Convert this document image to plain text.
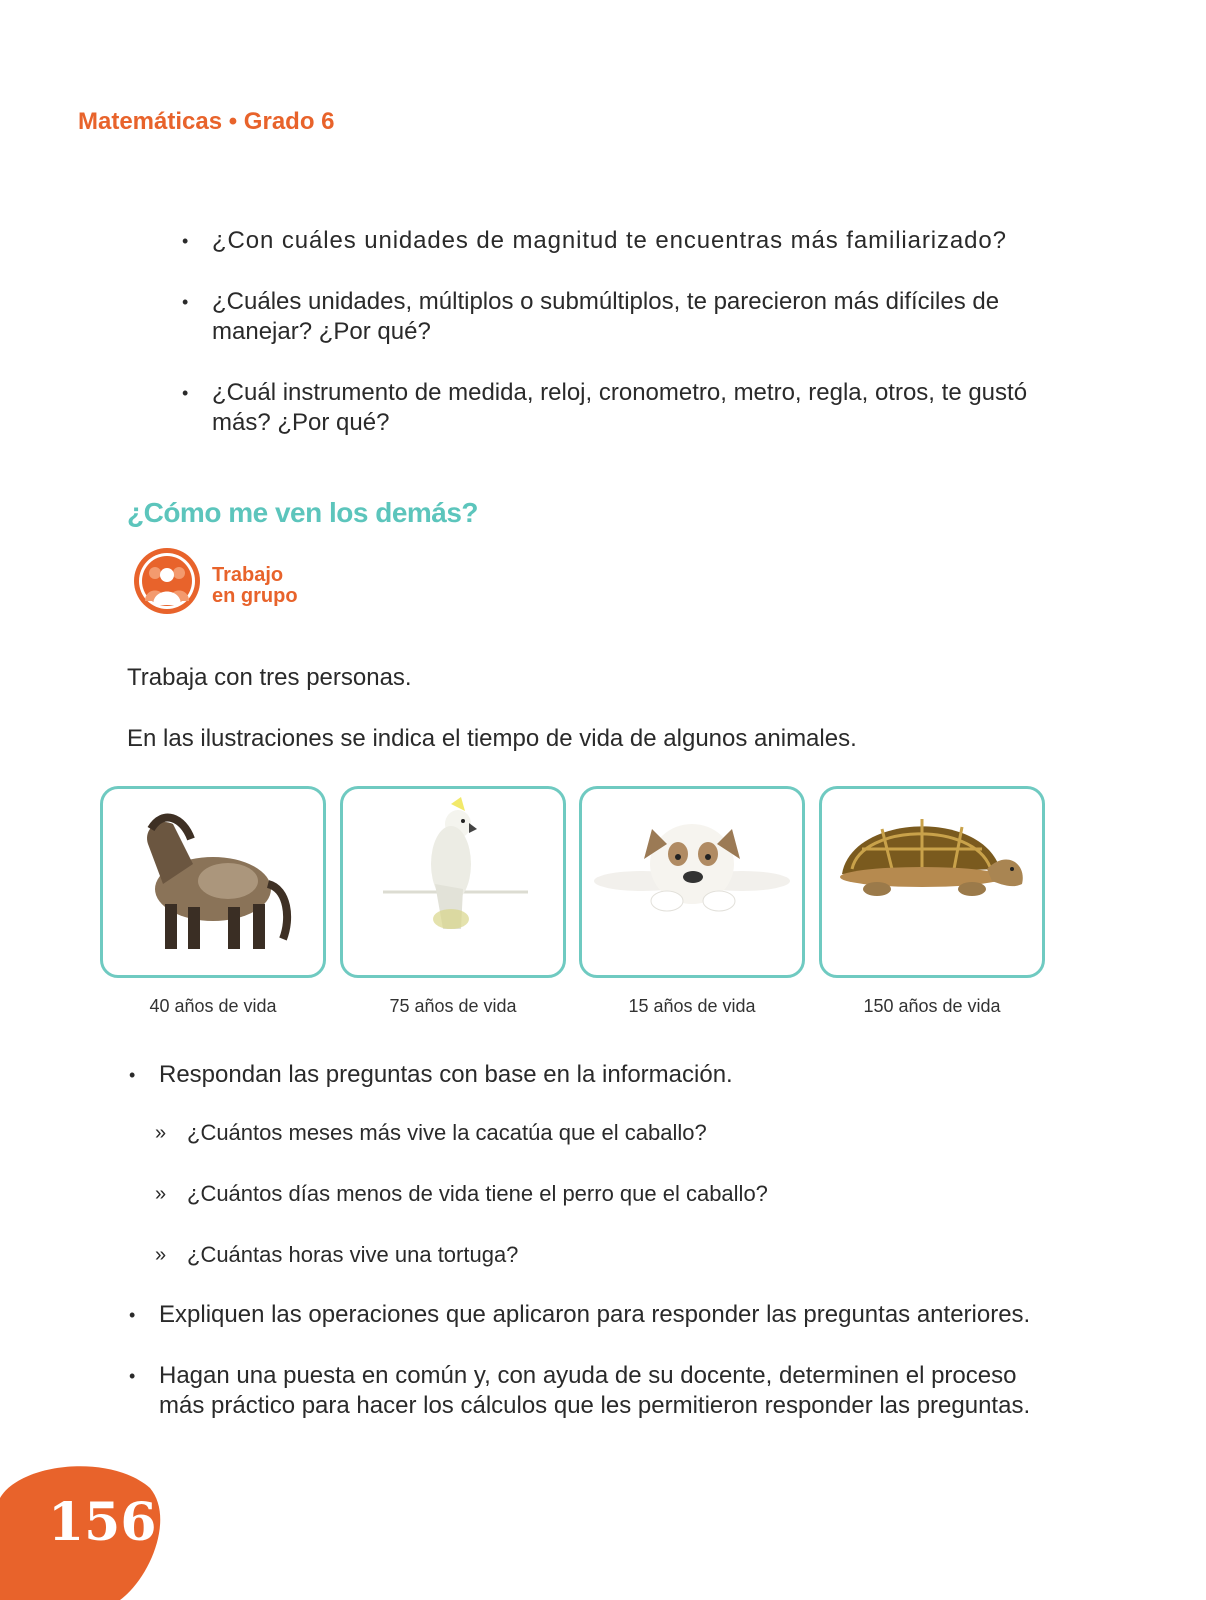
Matemáticas • Grado 6
• ¿Con cuáles unidades de magnitud te encuentras más familiarizado?
• ¿Cuáles unidades, múltiplos o submúltiplos, te parecieron más difíciles de manejar? ¿Por qué?
• ¿Cuál instrumento de medida, reloj, cronometro, metro, regla, otros, te gustó más? ¿Por qué?
¿Cómo me ven los demás?
Trabajo
en grupo
Trabaja con tres personas.
En las ilustraciones se indica el tiempo de vida de algunos animales.
40 años de vida	75 años de vida	15 años de vida	150 años de vida
• Respondan las preguntas con base en la información.
» ¿Cuántos meses más vive la cacatúa que el caballo?
» ¿Cuántos días menos de vida tiene el perro que el caballo?
» ¿Cuántas horas vive una tortuga?
• Expliquen las operaciones que aplicaron para responder las preguntas anteriores.
• Hagan una puesta en común y, con ayuda de su docente, determinen el proceso más práctico para hacer los cálculos que les permitieron responder las preguntas.
156
